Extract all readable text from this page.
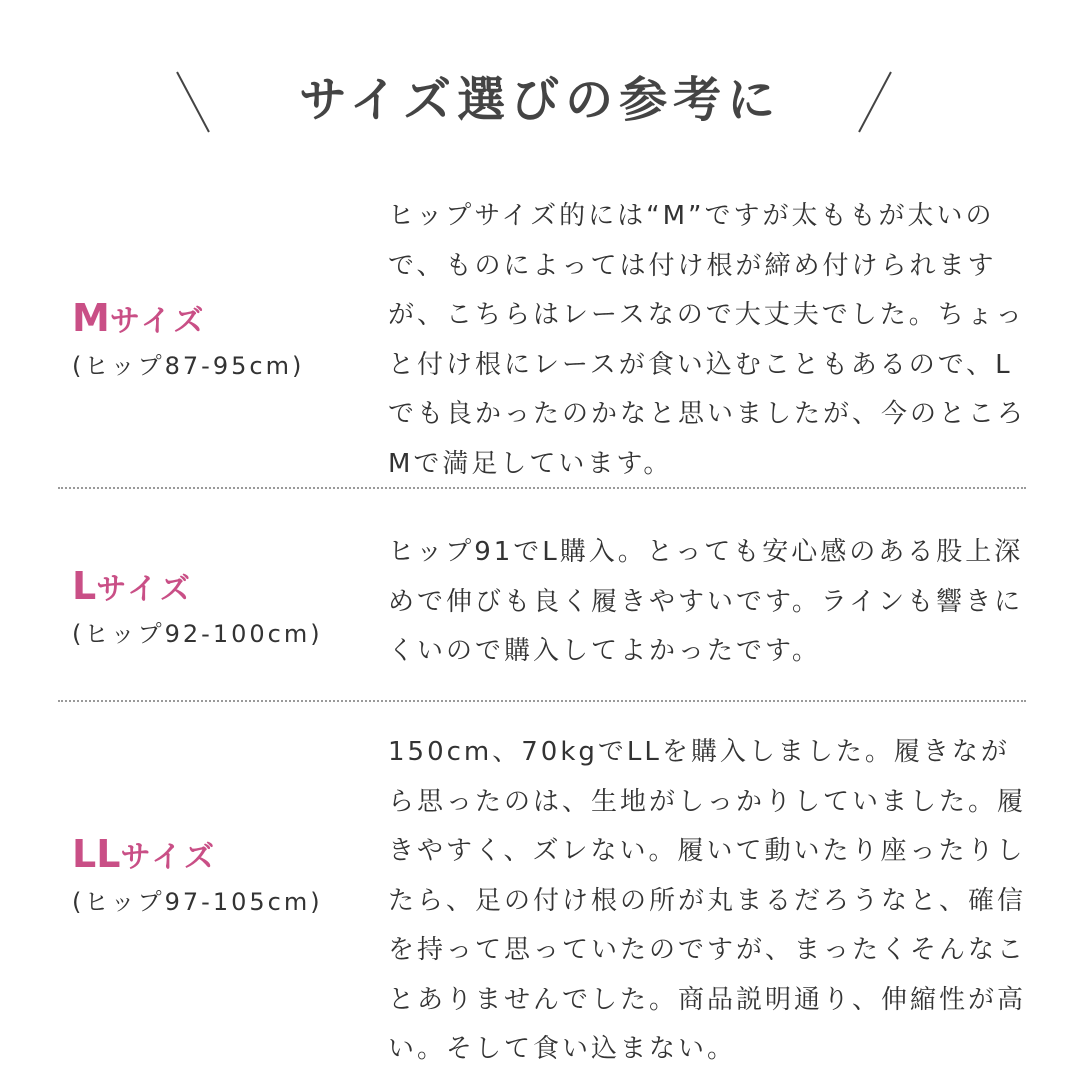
サイズ選びの参考に
Mサイズ
(ヒップ87-95cm)
ヒップサイズ的には“M”ですが太ももが太いので、ものによっては付け根が締め付けられますが、こちらはレースなので大丈夫でした。ちょっと付け根にレースが食い込むこともあるので、Lでも良かったのかなと思いましたが、今のところMで満足しています。
Lサイズ
(ヒップ92-100cm)
ヒップ91でL購入。とっても安心感のある股上深めで伸びも良く履きやすいです。ラインも響きにくいので購入してよかったです。
LLサイズ
(ヒップ97-105cm)
150cm、70kgでLLを購入しました。履きながら思ったのは、生地がしっかりしていました。履きやすく、ズレない。履いて動いたり座ったりしたら、足の付け根の所が丸まるだろうなと、確信を持って思っていたのですが、まったくそんなことありませんでした。商品説明通り、伸縮性が高い。そして食い込まない。
